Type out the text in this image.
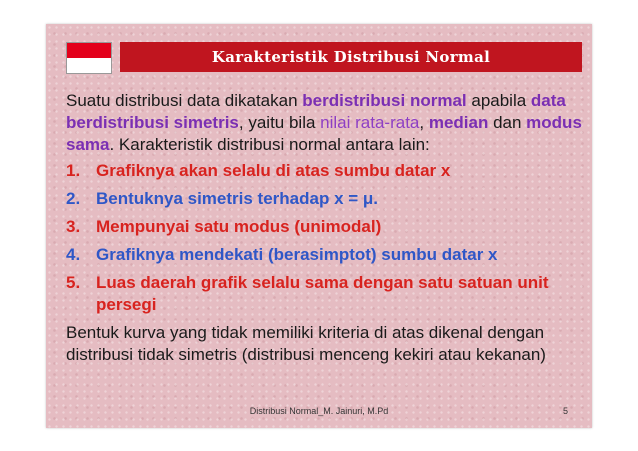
Karakteristik Distribusi Normal

Suatu distribusi data dikatakan berdistribusi normal apabila data berdistribusi simetris, yaitu bila nilai rata-rata, median dan modus sama. Karakteristik distribusi normal antara lain:

1. Grafiknya akan selalu di atas sumbu datar x
2. Bentuknya simetris terhadap x = μ.
3. Mempunyai satu modus (unimodal)
4. Grafiknya mendekati (berasimptot) sumbu datar x
5. Luas daerah grafik selalu sama dengan satu satuan unit persegi

Bentuk kurva yang tidak memiliki kriteria di atas dikenal dengan distribusi tidak simetris (distribusi menceng kekiri atau kekanan)

Distribusi Normal_M. Jainuri, M.Pd	5
